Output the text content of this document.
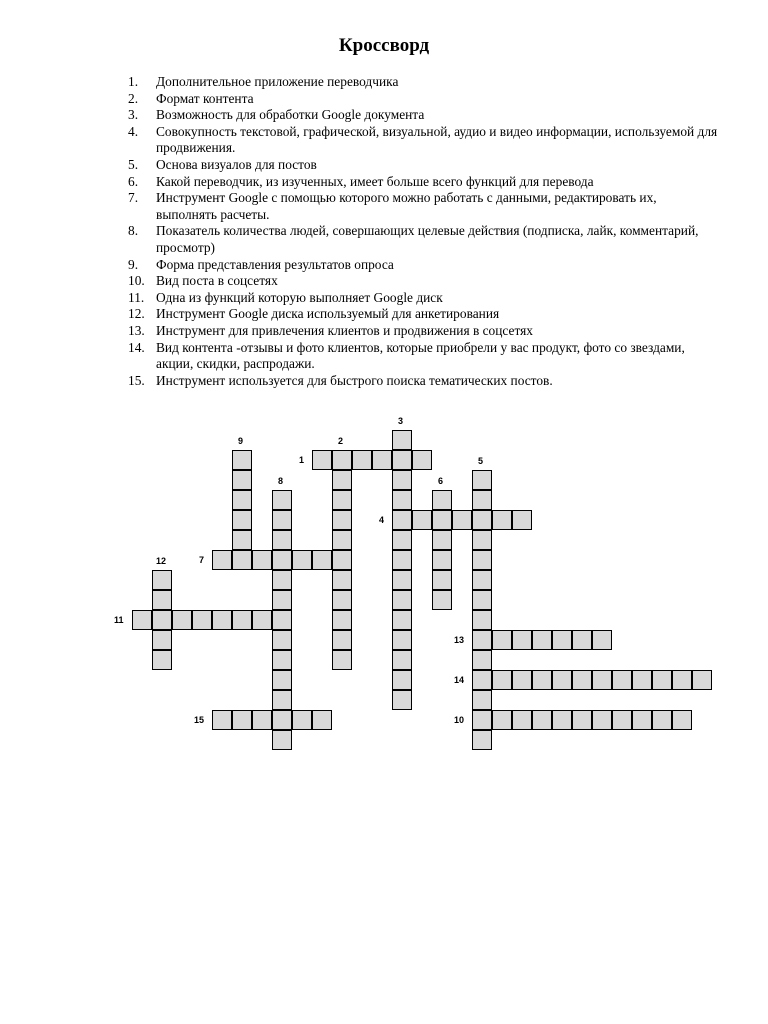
Кроссворд
1. Дополнительное приложение переводчика
2. Формат контента
3. Возможность для обработки Google документа
4. Совокупность текстовой, графической, визуальной, аудио и видео информации, используемой для продвижения.
5. Основа визуалов для постов
6. Какой переводчик, из изученных, имеет больше всего функций для перевода
7. Инструмент Google с помощью которого можно работать с данными, редактировать их, выполнять расчеты.
8. Показатель количества людей, совершающих целевые действия (подписка, лайк, комментарий, просмотр)
9. Форма представления результатов опроса
10. Вид поста в соцсетях
11. Одна из функций которую выполняет Google диск
12. Инструмент Google диска используемый для анкетирования
13. Инструмент для привлечения клиентов и продвижения в соцсетях
14. Вид контента -отзывы и фото клиентов, которые приобрели у вас продукт, фото со звездами, акции, скидки, распродажи.
15. Инструмент используется для быстрого поиска тематических постов.
1
2
3
4
5
6
7
8
9
10
11
12
13
14
15
